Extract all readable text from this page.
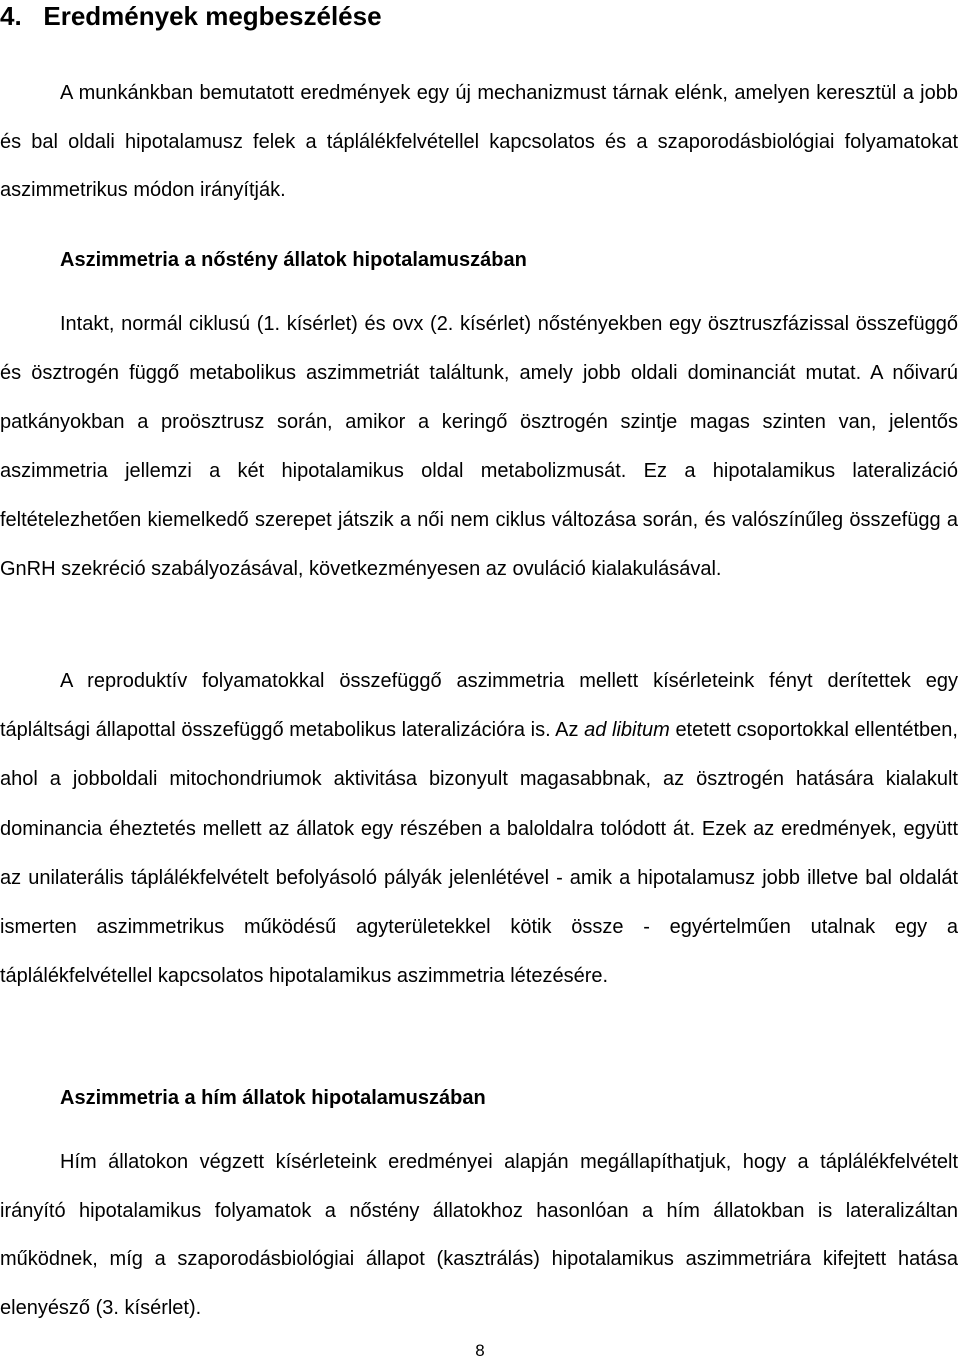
4.   Eredmények megbeszélése

A munkánkban bemutatott eredmények egy új mechanizmust tárnak elénk, amelyen keresztül a jobb és bal oldali hipotalamusz felek a táplálékfelvétellel kapcsolatos és a szaporodásbiológiai folyamatokat aszimmetrikus módon irányítják.

Aszimmetria a nőstény állatok hipotalamuszában

Intakt, normál ciklusú (1. kísérlet) és ovx (2. kísérlet) nőstényekben egy ösztruszfázissal összefüggő és ösztrogén függő metabolikus aszimmetriát találtunk, amely jobb oldali dominanciát mutat. A nőivarú patkányokban a proösztrusz során, amikor a keringő ösztrogén szintje magas szinten van, jelentős aszimmetria jellemzi a két hipotalamikus oldal metabolizmusát. Ez a hipotalamikus lateralizáció feltételezhetően kiemelkedő szerepet játszik a női nem ciklus változása során, és valószínűleg összefügg a GnRH szekréció szabályozásával, következményesen az ovuláció kialakulásával.

A reproduktív folyamatokkal összefüggő aszimmetria mellett kísérleteink fényt derítettek egy tápláltsági állapottal összefüggő metabolikus lateralizációra is. Az ad libitum etetett csoportokkal ellentétben, ahol a jobboldali mitochondriumok aktivitása bizonyult magasabbnak, az ösztrogén hatására kialakult dominancia éheztetés mellett az állatok egy részében a baloldalra tolódott át. Ezek az eredmények, együtt az unilaterális táplálékfelvételt befolyásoló pályák jelenlétével - amik a hipotalamusz jobb illetve bal oldalát ismerten aszimmetrikus működésű agyterületekkel kötik össze - egyértelműen utalnak egy a táplálékfelvétellel kapcsolatos hipotalamikus aszimmetria létezésére.

Aszimmetria a hím állatok hipotalamuszában

Hím állatokon végzett kísérleteink eredményei alapján megállapíthatjuk, hogy a táplálékfelvételt irányító hipotalamikus folyamatok a nőstény állatokhoz hasonlóan a hím állatokban is lateralizáltan működnek, míg a szaporodásbiológiai állapot (kasztrálás) hipotalamikus aszimmetriára kifejtett hatása elenyésző (3. kísérlet).

8
